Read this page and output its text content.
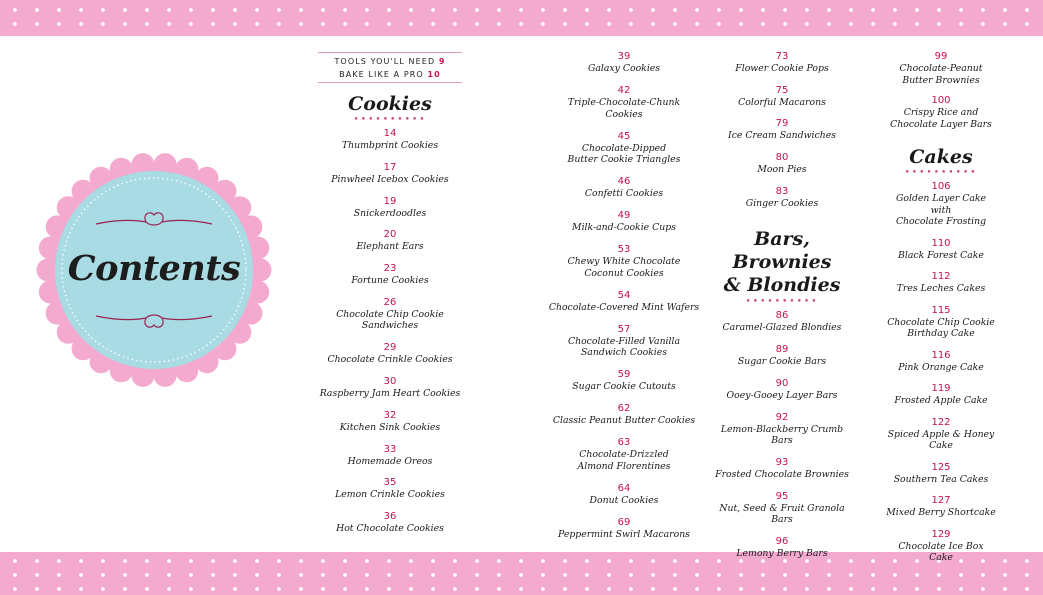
Contents
TOOLS YOU'LL NEED 9
BAKE LIKE A PRO 10
Cookies
••••••••••
14
Thumbprint Cookies
17
Pinwheel Icebox Cookies
19
Snickerdoodles
20
Elephant Ears
23
Fortune Cookies
26
Chocolate Chip Cookie Sandwiches
29
Chocolate Crinkle Cookies
30
Raspberry Jam Heart Cookies
32
Kitchen Sink Cookies
33
Homemade Oreos
35
Lemon Crinkle Cookies
36
Hot Chocolate Cookies
39
Galaxy Cookies
42
Triple-Chocolate-Chunk Cookies
45
Chocolate-Dipped
Butter Cookie Triangles
46
Confetti Cookies
49
Milk-and-Cookie Cups
53
Chewy White Chocolate
Coconut Cookies
54
Chocolate-Covered Mint Wafers
57
Chocolate-Filled Vanilla
Sandwich Cookies
59
Sugar Cookie Cutouts
62
Classic Peanut Butter Cookies
63
Chocolate-Drizzled
Almond Florentines
64
Donut Cookies
69
Peppermint Swirl Macarons
73
Flower Cookie Pops
75
Colorful Macarons
79
Ice Cream Sandwiches
80
Moon Pies
83
Ginger Cookies
Bars, Brownies
& Blondies
••••••••••
86
Caramel-Glazed Blondies
89
Sugar Cookie Bars
90
Ooey-Gooey Layer Bars
92
Lemon-Blackberry Crumb Bars
93
Frosted Chocolate Brownies
95
Nut, Seed & Fruit Granola Bars
96
Lemony Berry Bars
99
Chocolate-Peanut
Butter Brownies
100
Crispy Rice and
Chocolate Layer Bars
Cakes
••••••••••
106
Golden Layer Cake with
Chocolate Frosting
110
Black Forest Cake
112
Tres Leches Cakes
115
Chocolate Chip Cookie
Birthday Cake
116
Pink Orange Cake
119
Frosted Apple Cake
122
Spiced Apple & Honey Cake
125
Southern Tea Cakes
127
Mixed Berry Shortcake
129
Chocolate Ice Box Cake
